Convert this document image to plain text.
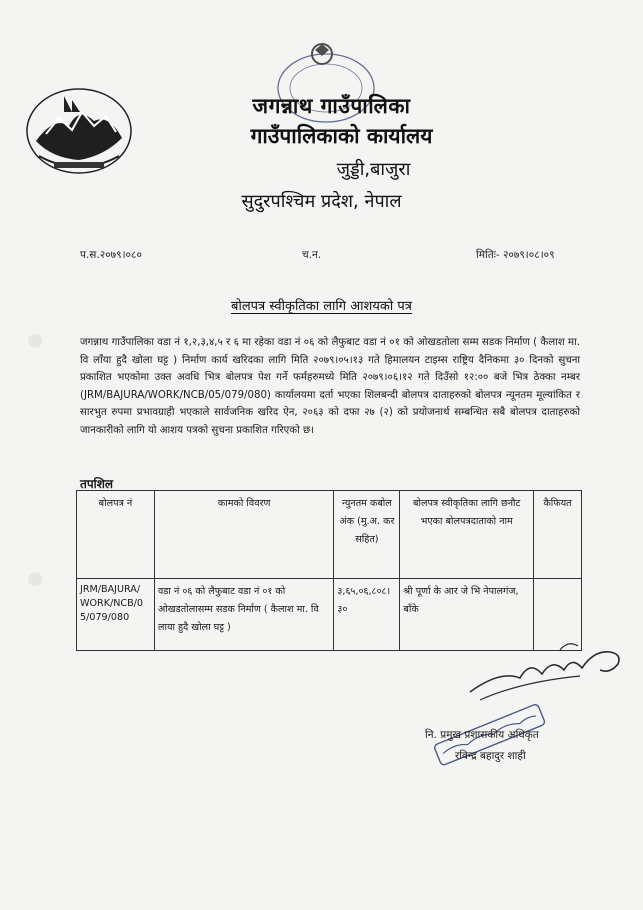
जगन्नाथ गाउँपालिका
गाउँपालिकाको कार्यालय
जुड्डी,बाजुरा
सुदुरपश्चिम प्रदेश, नेपाल
प.स.२०७९।०८०	च.न.	मितिः- २०७९।०८।०९
बोलपत्र स्वीकृतिका लागि आशयको पत्र
जगन्नाथ गाउँपालिका वडा नं १,२,३,४,५ र ६ मा रहेका वडा नं ०६ को लैफुबाट वडा नं ०१ को ओखडतोला सम्म सडक निर्माण ( कैलाश मा. वि लाँया हुदै खोला घट्ट ) निर्माण कार्य खरिदका लागि मिति २०७९।०५।१३ गते हिमालयन टाइम्स राष्ट्रिय दैनिकमा ३० दिनको सुचना प्रकाशित भएकोमा उक्त अवधि भित्र बोलपत्र पेश गर्ने फर्महरुमध्ये मिति २०७९।०६।१२ गते दिउँसो १२:०० बजे भित्र ठेक्का नम्बर (JRM/BAJURA/WORK/NCB/05/079/080) कार्यालयमा दर्ता भएका शिलबन्दी बोलपत्र दाताहरुको बोलपत्र न्यूनतम मूल्यांकित र सारभुत रुपमा प्रभावग्राही भएकाले सार्वजनिक खरिद ऐन, २०६३ को दफा २७ (२) को प्रयोजनार्थ सम्बन्धित सबै बोलपत्र दाताहरुको जानकारीको लागि यो आशय पत्रको सुचना प्रकाशित गरिएको छ।
तपशिल
बोलपत्र नं	कामको विवरण	न्युनतम कबोल अंक (मु.अ. कर सहित)	बोलपत्र स्वीकृतिका लागि छनौट भएका बोलपत्रदाताको नाम	कैफियत
JRM/BAJURA/ WORK/NCB/0 5/079/080	वडा नं ०६ को लैफुबाट वडा नं ०१ को ओखडतोलासम्म सडक निर्माण ( कैलाश मा. वि लाया हुदै खोला घट्ट )	३,६५,०६,८०८।३०	श्री पूर्णा के आर जे भि नेपालगंज, बाँके	
नि. प्रमुख प्रशासकीय अधिकृत
रविन्द्र बहादुर शाही
